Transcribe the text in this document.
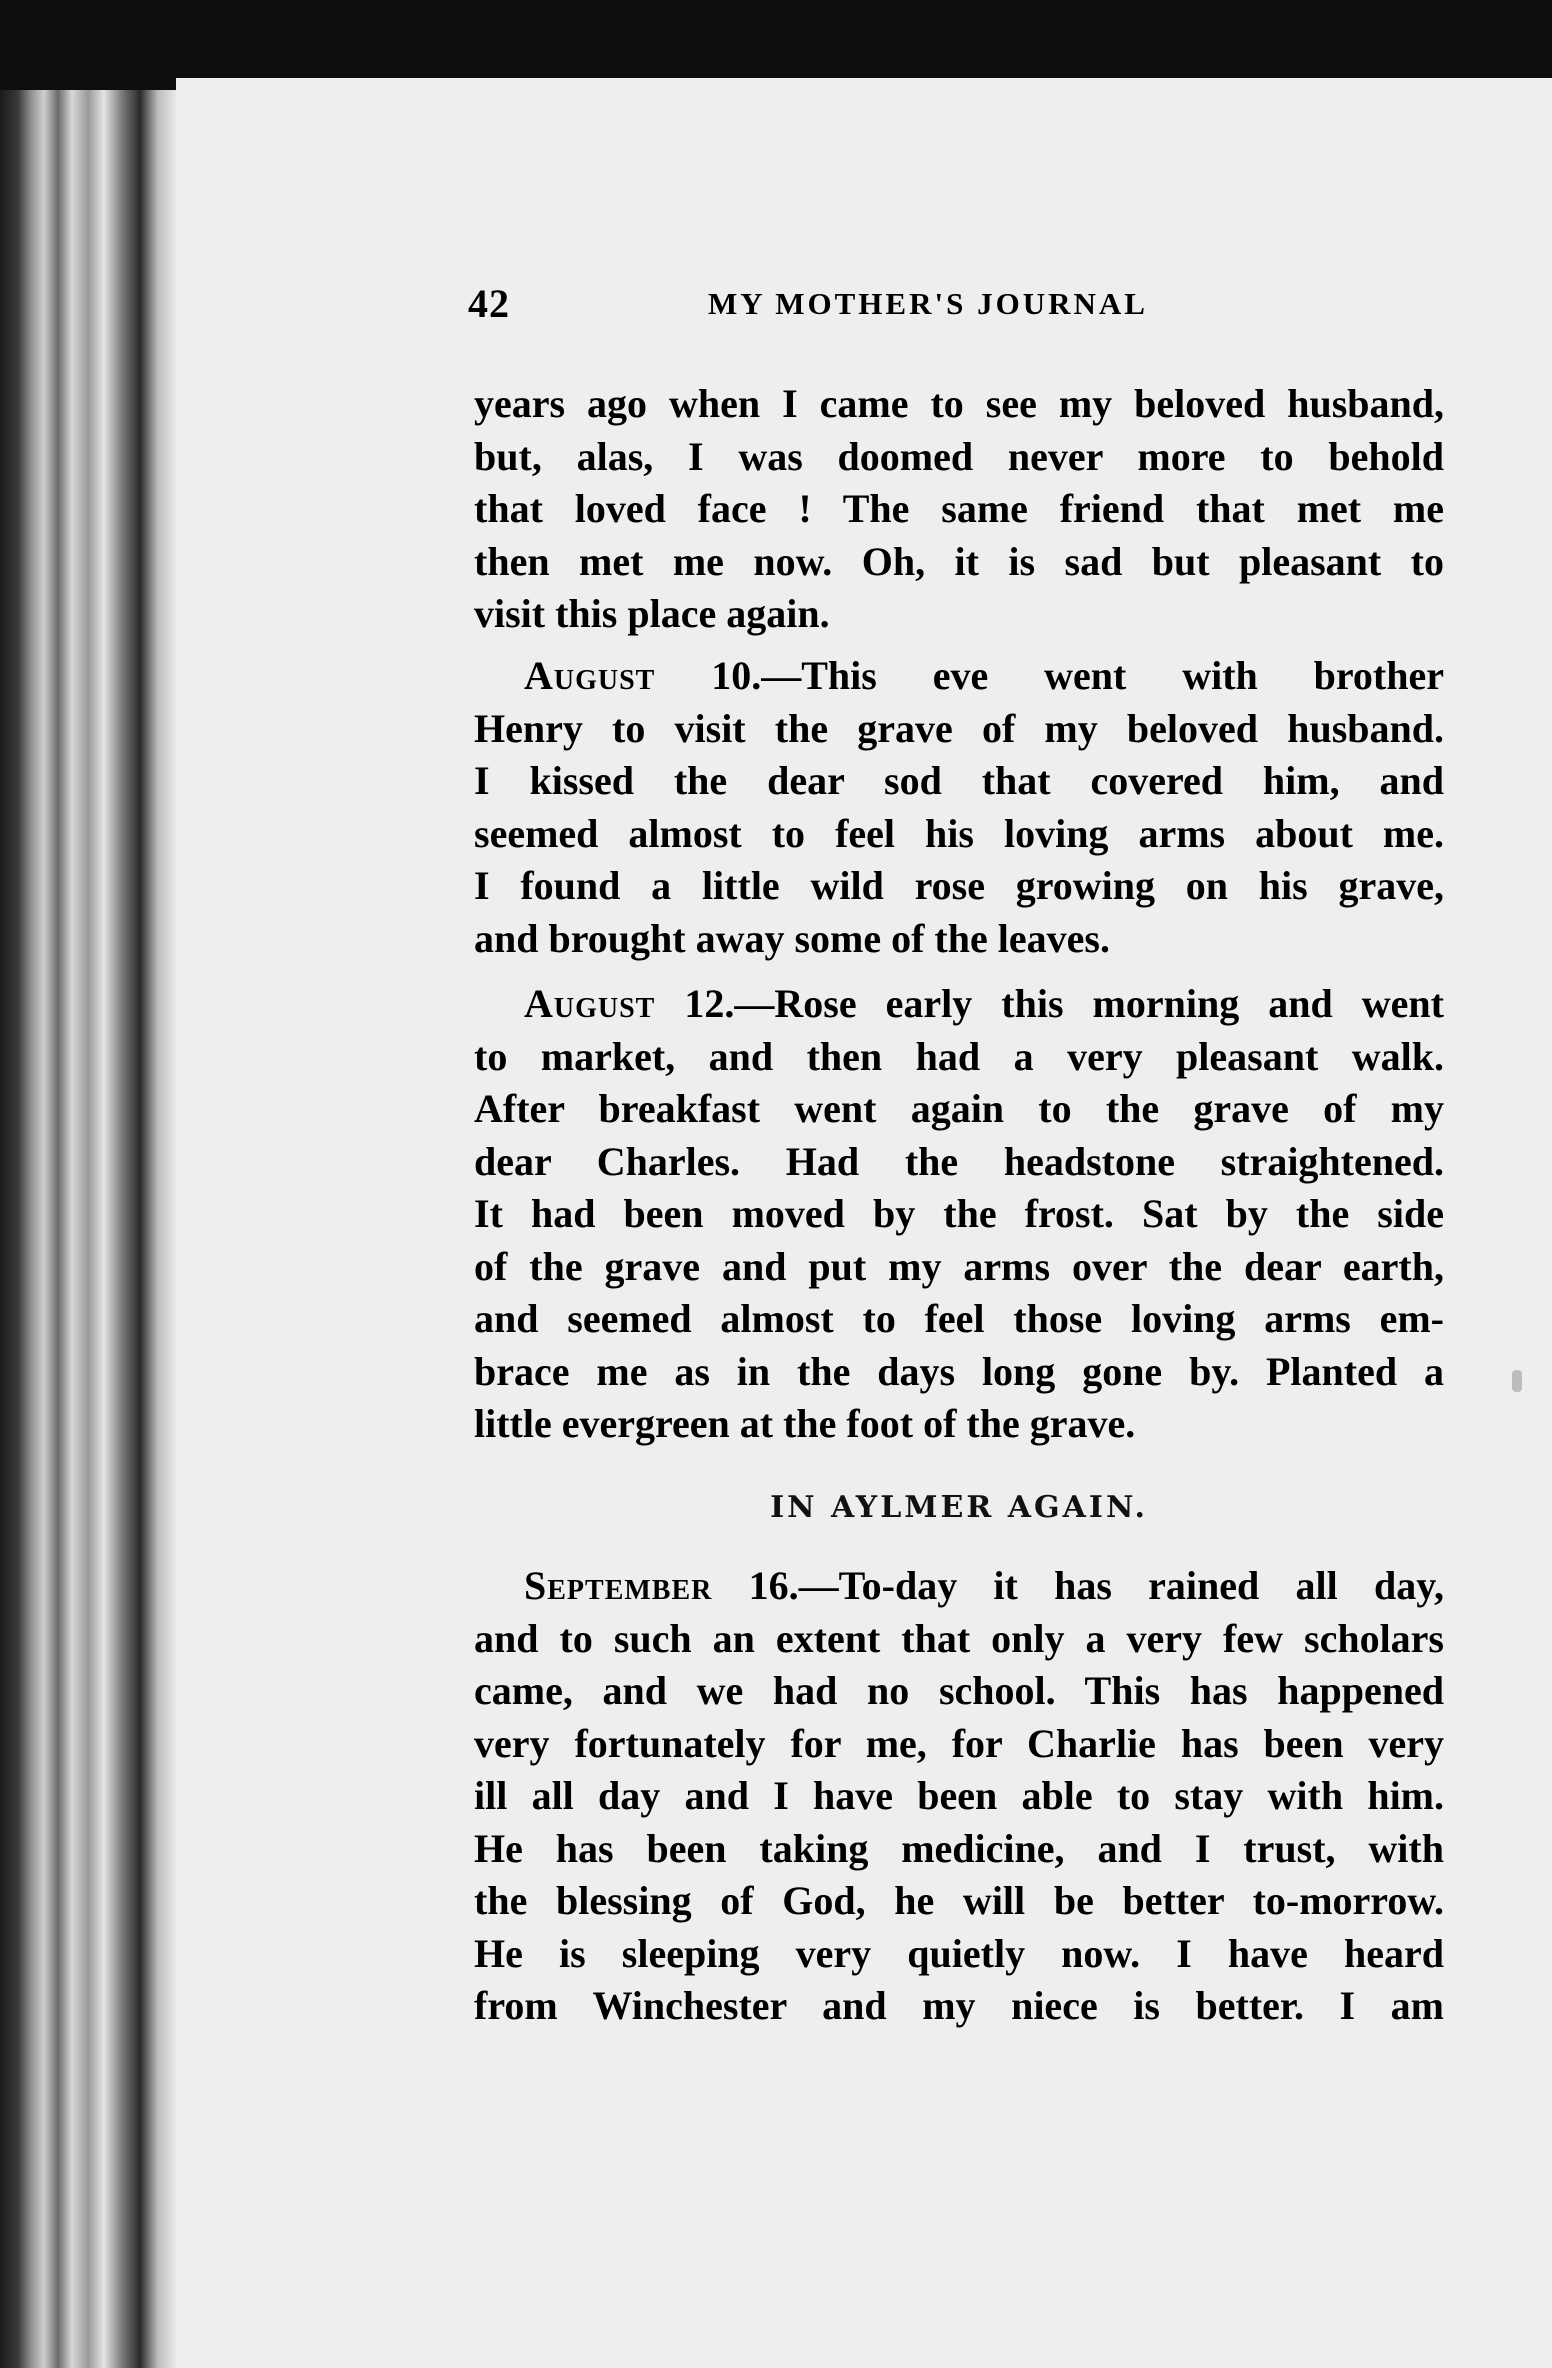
42	MY MOTHER'S JOURNAL
years ago when I came to see my beloved husband,
but, alas, I was doomed never more to behold
that loved face ! The same friend that met me
then met me now. Oh, it is sad but pleasant to
visit this place again.
August 10.—This eve went with brother
Henry to visit the grave of my beloved husband.
I kissed the dear sod that covered him, and
seemed almost to feel his loving arms about me.
I found a little wild rose growing on his grave,
and brought away some of the leaves.
August 12.—Rose early this morning and went
to market, and then had a very pleasant walk.
After breakfast went again to the grave of my
dear Charles. Had the headstone straightened.
It had been moved by the frost. Sat by the side
of the grave and put my arms over the dear earth,
and seemed almost to feel those loving arms em-
brace me as in the days long gone by. Planted a
little evergreen at the foot of the grave.
IN AYLMER AGAIN.
September 16.—To-day it has rained all day,
and to such an extent that only a very few scholars
came, and we had no school. This has happened
very fortunately for me, for Charlie has been very
ill all day and I have been able to stay with him.
He has been taking medicine, and I trust, with
the blessing of God, he will be better to-morrow.
He is sleeping very quietly now. I have heard
from Winchester and my niece is better. I am
